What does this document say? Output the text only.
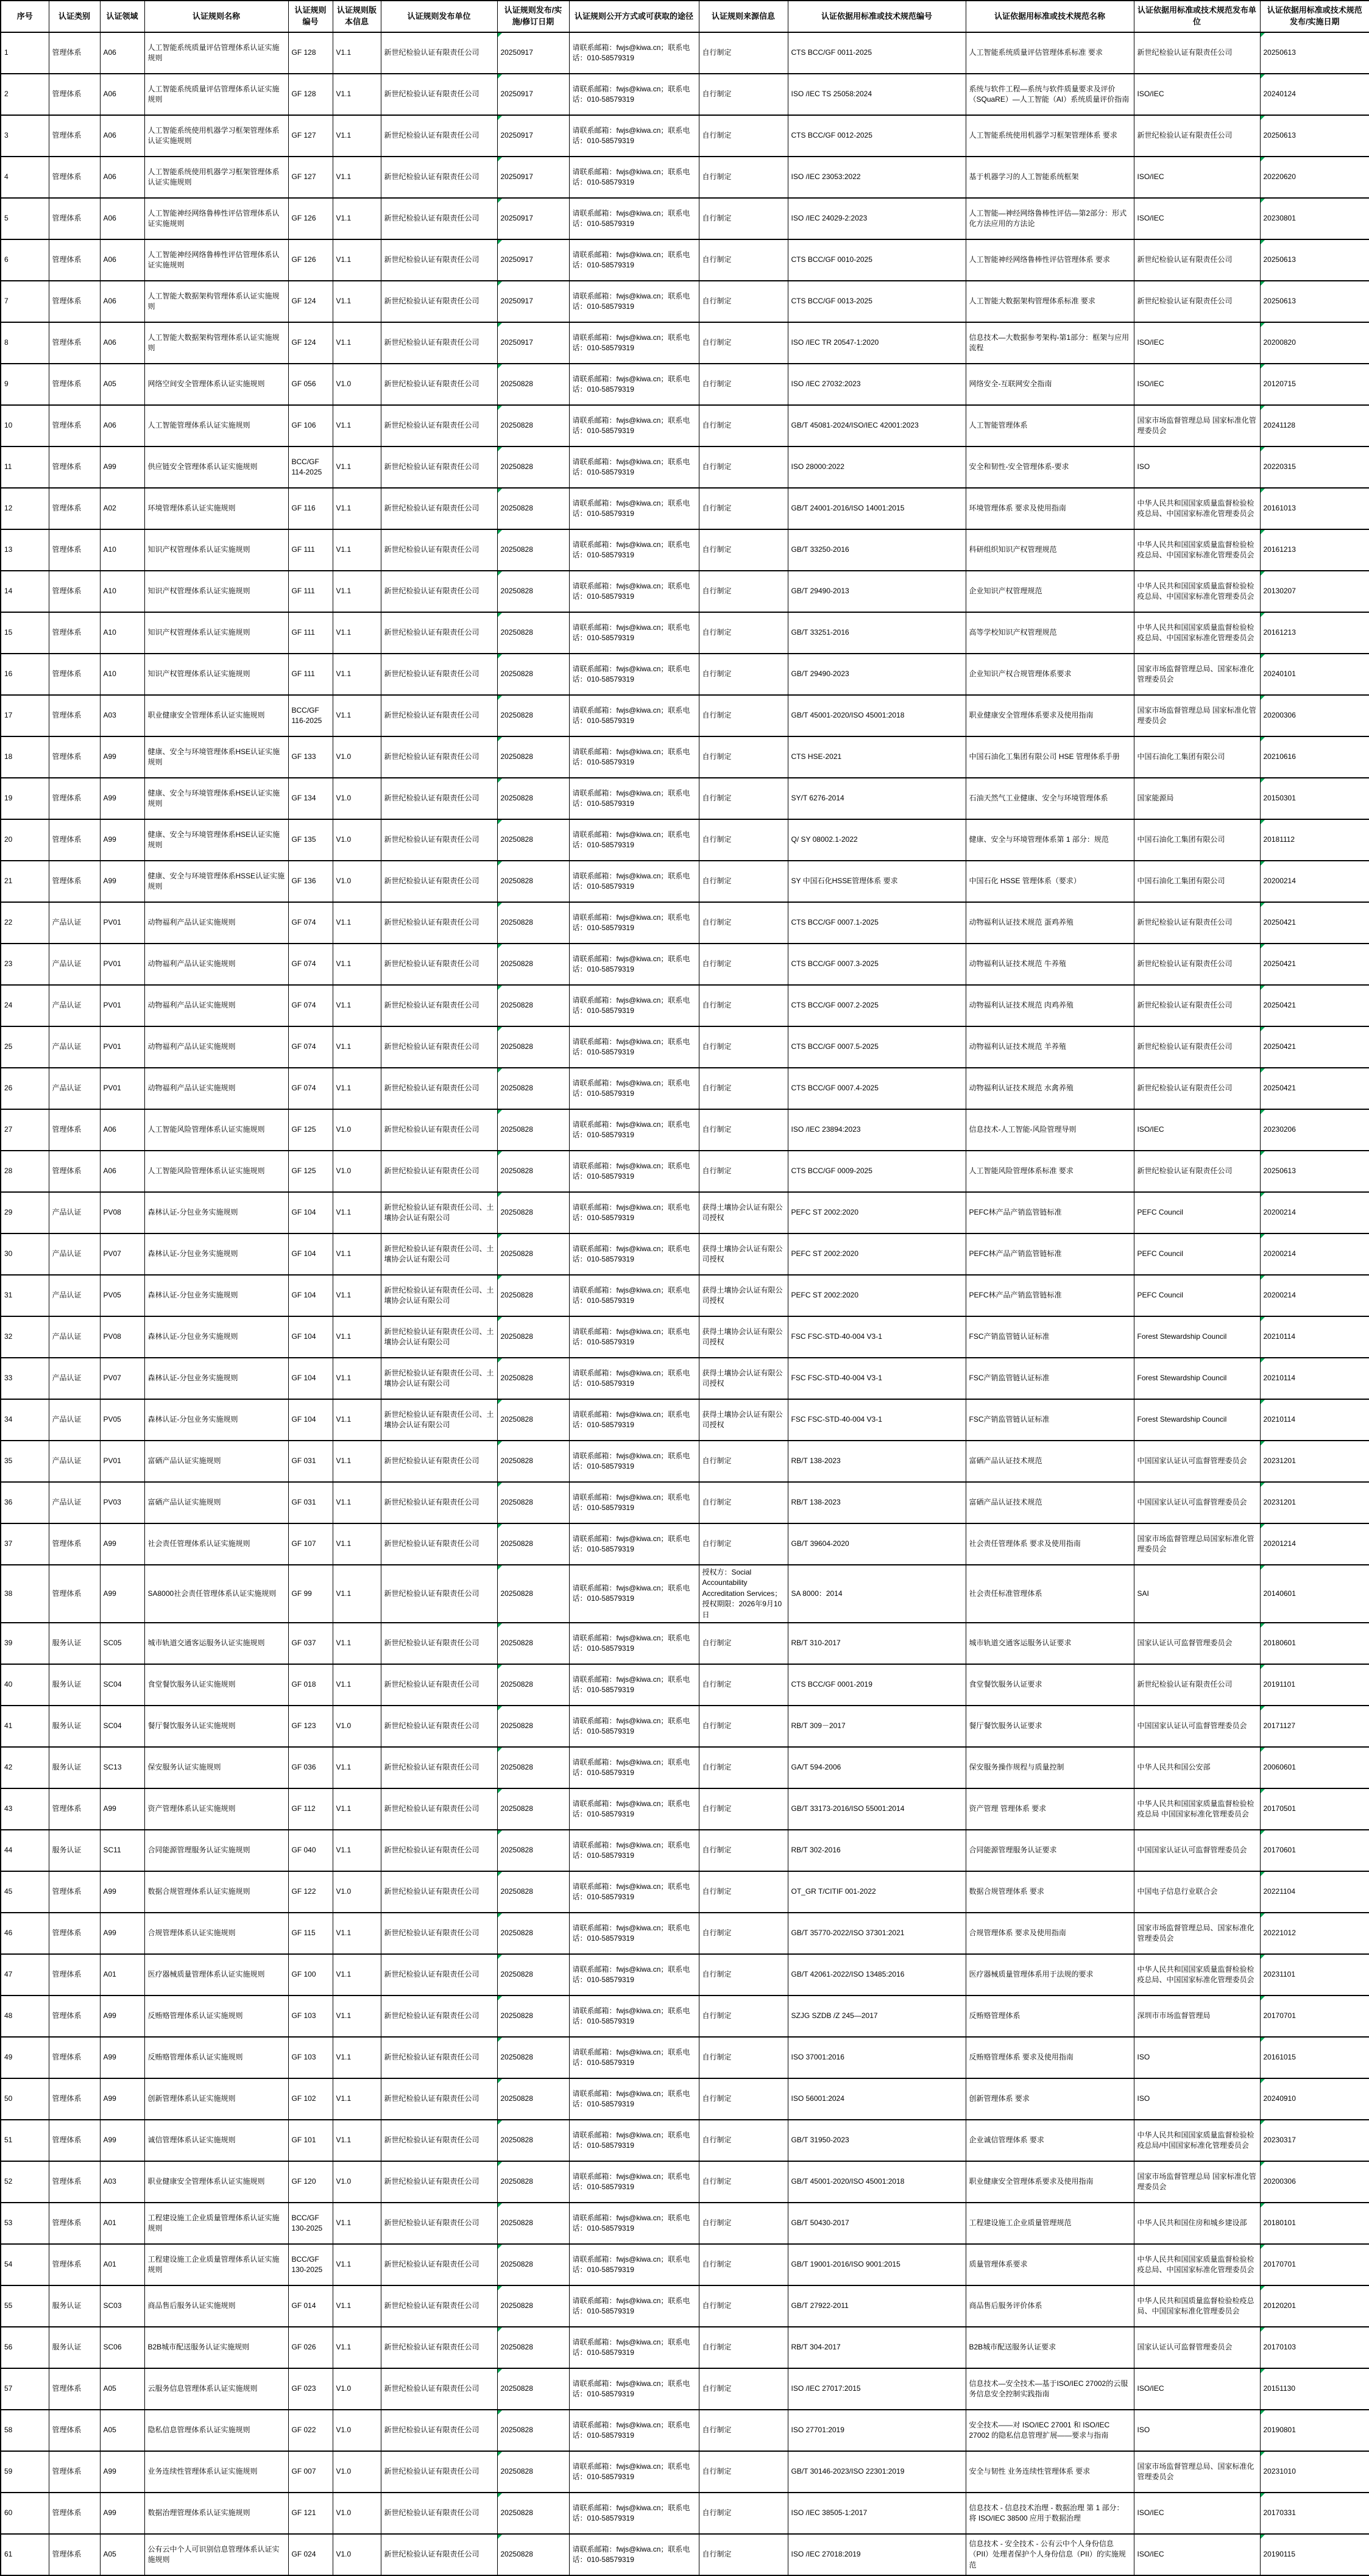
序号	认证类别	认证领域	认证规则名称	认证规则编号	认证规则版本信息	认证规则发布单位	认证规则发布/实施/修订日期	认证规则公开方式或可获取的途径	认证规则来源信息	认证依据用标准或技术规范编号	认证依据用标准或技术规范名称	认证依据用标准或技术规范发布单位	认证依据用标准或技术规范发布/实施日期
1	管理体系	A06	人工智能系统质量评估管理体系认证实施规则	GF 128	V1.1	新世纪检验认证有限责任公司	20250917	请联系邮箱：fwjs@kiwa.cn；联系电话：010-58579319	自行制定	CTS BCC/GF 0011-2025	人工智能系统质量评估管理体系标准 要求	新世纪检验认证有限责任公司	20250613
2	管理体系	A06	人工智能系统质量评估管理体系认证实施规则	GF 128	V1.1	新世纪检验认证有限责任公司	20250917	请联系邮箱：fwjs@kiwa.cn；联系电话：010-58579319	自行制定	ISO /IEC TS 25058:2024	系统与软件工程—系统与软件质量要求及评价（SQuaRE）—人工智能（AI）系统质量评价指南	ISO/IEC	20240124
3	管理体系	A06	人工智能系统使用机器学习框架管理体系认证实施规则	GF 127	V1.1	新世纪检验认证有限责任公司	20250917	请联系邮箱：fwjs@kiwa.cn；联系电话：010-58579319	自行制定	CTS BCC/GF 0012-2025	人工智能系统使用机器学习框架管理体系 要求	新世纪检验认证有限责任公司	20250613
4	管理体系	A06	人工智能系统使用机器学习框架管理体系认证实施规则	GF 127	V1.1	新世纪检验认证有限责任公司	20250917	请联系邮箱：fwjs@kiwa.cn；联系电话：010-58579319	自行制定	ISO /IEC 23053:2022	基于机器学习的人工智能系统框架	ISO/IEC	20220620
5	管理体系	A06	人工智能神经网络鲁棒性评估管理体系认证实施规则	GF 126	V1.1	新世纪检验认证有限责任公司	20250917	请联系邮箱：fwjs@kiwa.cn；联系电话：010-58579319	自行制定	ISO /IEC 24029-2:2023	人工智能—神经网络鲁棒性评估—第2部分：形式化方法应用的方法论	ISO/IEC	20230801
6	管理体系	A06	人工智能神经网络鲁棒性评估管理体系认证实施规则	GF 126	V1.1	新世纪检验认证有限责任公司	20250917	请联系邮箱：fwjs@kiwa.cn；联系电话：010-58579319	自行制定	CTS BCC/GF 0010-2025	人工智能神经网络鲁棒性评估管理体系 要求	新世纪检验认证有限责任公司	20250613
7	管理体系	A06	人工智能大数据架构管理体系认证实施规则	GF 124	V1.1	新世纪检验认证有限责任公司	20250917	请联系邮箱：fwjs@kiwa.cn；联系电话：010-58579319	自行制定	CTS BCC/GF 0013-2025	人工智能大数据架构管理体系标准 要求	新世纪检验认证有限责任公司	20250613
8	管理体系	A06	人工智能大数据架构管理体系认证实施规则	GF 124	V1.1	新世纪检验认证有限责任公司	20250917	请联系邮箱：fwjs@kiwa.cn；联系电话：010-58579319	自行制定	ISO /IEC TR 20547-1:2020	信息技术—大数据参考架构-第1部分：框架与应用流程	ISO/IEC	20200820
9	管理体系	A05	网络空间安全管理体系认证实施规则	GF 056	V1.0	新世纪检验认证有限责任公司	20250828	请联系邮箱：fwjs@kiwa.cn；联系电话：010-58579319	自行制定	ISO /IEC 27032:2023	网络安全-互联网安全指南	ISO/IEC	20120715
10	管理体系	A06	人工智能管理体系认证实施规则	GF 106	V1.1	新世纪检验认证有限责任公司	20250828	请联系邮箱：fwjs@kiwa.cn；联系电话：010-58579319	自行制定	GB/T 45081-2024/ISO/IEC 42001:2023	人工智能管理体系	国家市场监督管理总局 国家标准化管理委员会	20241128
11	管理体系	A99	供应链安全管理体系认证实施规则	BCC/GF 114-2025	V1.1	新世纪检验认证有限责任公司	20250828	请联系邮箱：fwjs@kiwa.cn；联系电话：010-58579319	自行制定	ISO 28000:2022	安全和韧性-安全管理体系-要求	ISO	20220315
12	管理体系	A02	环境管理体系认证实施规则	GF 116	V1.1	新世纪检验认证有限责任公司	20250828	请联系邮箱：fwjs@kiwa.cn；联系电话：010-58579319	自行制定	GB/T 24001-2016/ISO 14001:2015	环境管理体系 要求及使用指南	中华人民共和国国家质量监督检验检疫总局、中国国家标准化管理委员会	20161013
13	管理体系	A10	知识产权管理体系认证实施规则	GF 111	V1.1	新世纪检验认证有限责任公司	20250828	请联系邮箱：fwjs@kiwa.cn；联系电话：010-58579319	自行制定	GB/T 33250-2016	科研组织知识产权管理规范	中华人民共和国国家质量监督检验检疫总局、中国国家标准化管理委员会	20161213
14	管理体系	A10	知识产权管理体系认证实施规则	GF 111	V1.1	新世纪检验认证有限责任公司	20250828	请联系邮箱：fwjs@kiwa.cn；联系电话：010-58579319	自行制定	GB/T 29490-2013	企业知识产权管理规范	中华人民共和国国家质量监督检验检疫总局、中国国家标准化管理委员会	20130207
15	管理体系	A10	知识产权管理体系认证实施规则	GF 111	V1.1	新世纪检验认证有限责任公司	20250828	请联系邮箱：fwjs@kiwa.cn；联系电话：010-58579319	自行制定	GB/T 33251-2016	高等学校知识产权管理规范	中华人民共和国国家质量监督检验检疫总局、中国国家标准化管理委员会	20161213
16	管理体系	A10	知识产权管理体系认证实施规则	GF 111	V1.1	新世纪检验认证有限责任公司	20250828	请联系邮箱：fwjs@kiwa.cn；联系电话：010-58579319	自行制定	GB/T 29490-2023	企业知识产权合规管理体系要求	国家市场监督管理总局、国家标准化管理委员会	20240101
17	管理体系	A03	职业健康安全管理体系认证实施规则	BCC/GF 116-2025	V1.1	新世纪检验认证有限责任公司	20250828	请联系邮箱：fwjs@kiwa.cn；联系电话：010-58579319	自行制定	GB/T 45001-2020/ISO 45001:2018	职业健康安全管理体系要求及使用指南	国家市场监督管理总局 国家标准化管理委员会	20200306
18	管理体系	A99	健康、安全与环境管理体系HSE认证实施规则	GF 133	V1.0	新世纪检验认证有限责任公司	20250828	请联系邮箱：fwjs@kiwa.cn；联系电话：010-58579319	自行制定	CTS HSE-2021	中国石油化工集团有限公司 HSE 管理体系手册	中国石油化工集团有限公司	20210616
19	管理体系	A99	健康、安全与环境管理体系HSE认证实施规则	GF 134	V1.0	新世纪检验认证有限责任公司	20250828	请联系邮箱：fwjs@kiwa.cn；联系电话：010-58579319	自行制定	SY/T 6276-2014	石油天然气工业健康、安全与环境管理体系	国家能源局	20150301
20	管理体系	A99	健康、安全与环境管理体系HSE认证实施规则	GF 135	V1.0	新世纪检验认证有限责任公司	20250828	请联系邮箱：fwjs@kiwa.cn；联系电话：010-58579319	自行制定	Q/ SY 08002.1-2022	健康、安全与环境管理体系第 1 部分：规范	中国石油化工集团有限公司	20181112
21	管理体系	A99	健康、安全与环境管理体系HSSE认证实施规则	GF 136	V1.0	新世纪检验认证有限责任公司	20250828	请联系邮箱：fwjs@kiwa.cn；联系电话：010-58579319	自行制定	SY 中国石化HSSE管理体系 要求	中国石化 HSSE 管理体系（要求）	中国石油化工集团有限公司	20200214
22	产品认证	PV01	动物福利产品认证实施规则	GF 074	V1.1	新世纪检验认证有限责任公司	20250828	请联系邮箱：fwjs@kiwa.cn；联系电话：010-58579319	自行制定	CTS BCC/GF 0007.1-2025	动物福利认证技术规范 蛋鸡养殖	新世纪检验认证有限责任公司	20250421
23	产品认证	PV01	动物福利产品认证实施规则	GF 074	V1.1	新世纪检验认证有限责任公司	20250828	请联系邮箱：fwjs@kiwa.cn；联系电话：010-58579319	自行制定	CTS BCC/GF 0007.3-2025	动物福利认证技术规范 牛养殖	新世纪检验认证有限责任公司	20250421
24	产品认证	PV01	动物福利产品认证实施规则	GF 074	V1.1	新世纪检验认证有限责任公司	20250828	请联系邮箱：fwjs@kiwa.cn；联系电话：010-58579319	自行制定	CTS BCC/GF 0007.2-2025	动物福利认证技术规范 肉鸡养殖	新世纪检验认证有限责任公司	20250421
25	产品认证	PV01	动物福利产品认证实施规则	GF 074	V1.1	新世纪检验认证有限责任公司	20250828	请联系邮箱：fwjs@kiwa.cn；联系电话：010-58579319	自行制定	CTS BCC/GF 0007.5-2025	动物福利认证技术规范 羊养殖	新世纪检验认证有限责任公司	20250421
26	产品认证	PV01	动物福利产品认证实施规则	GF 074	V1.1	新世纪检验认证有限责任公司	20250828	请联系邮箱：fwjs@kiwa.cn；联系电话：010-58579319	自行制定	CTS BCC/GF 0007.4-2025	动物福利认证技术规范 水禽养殖	新世纪检验认证有限责任公司	20250421
27	管理体系	A06	人工智能风险管理体系认证实施规则	GF 125	V1.0	新世纪检验认证有限责任公司	20250828	请联系邮箱：fwjs@kiwa.cn；联系电话：010-58579319	自行制定	ISO /IEC 23894:2023	信息技术-人工智能-风险管理导则	ISO/IEC	20230206
28	管理体系	A06	人工智能风险管理体系认证实施规则	GF 125	V1.0	新世纪检验认证有限责任公司	20250828	请联系邮箱：fwjs@kiwa.cn；联系电话：010-58579319	自行制定	CTS BCC/GF 0009-2025	人工智能风险管理体系标准 要求	新世纪检验认证有限责任公司	20250613
29	产品认证	PV08	森林认证-分包业务实施规则	GF 104	V1.1	新世纪检验认证有限责任公司、土壤协会认证有限公司	20250828	请联系邮箱：fwjs@kiwa.cn；联系电话：010-58579319	获得土壤协会认证有限公司授权	PEFC ST 2002:2020	PEFC林产品产销监管链标准	PEFC Council	20200214
30	产品认证	PV07	森林认证-分包业务实施规则	GF 104	V1.1	新世纪检验认证有限责任公司、土壤协会认证有限公司	20250828	请联系邮箱：fwjs@kiwa.cn；联系电话：010-58579319	获得土壤协会认证有限公司授权	PEFC ST 2002:2020	PEFC林产品产销监管链标准	PEFC Council	20200214
31	产品认证	PV05	森林认证-分包业务实施规则	GF 104	V1.1	新世纪检验认证有限责任公司、土壤协会认证有限公司	20250828	请联系邮箱：fwjs@kiwa.cn；联系电话：010-58579319	获得土壤协会认证有限公司授权	PEFC ST 2002:2020	PEFC林产品产销监管链标准	PEFC Council	20200214
32	产品认证	PV08	森林认证-分包业务实施规则	GF 104	V1.1	新世纪检验认证有限责任公司、土壤协会认证有限公司	20250828	请联系邮箱：fwjs@kiwa.cn；联系电话：010-58579319	获得土壤协会认证有限公司授权	FSC FSC-STD-40-004 V3-1	FSC产销监管链认证标准	Forest Stewardship Council	20210114
33	产品认证	PV07	森林认证-分包业务实施规则	GF 104	V1.1	新世纪检验认证有限责任公司、土壤协会认证有限公司	20250828	请联系邮箱：fwjs@kiwa.cn；联系电话：010-58579319	获得土壤协会认证有限公司授权	FSC FSC-STD-40-004 V3-1	FSC产销监管链认证标准	Forest Stewardship Council	20210114
34	产品认证	PV05	森林认证-分包业务实施规则	GF 104	V1.1	新世纪检验认证有限责任公司、土壤协会认证有限公司	20250828	请联系邮箱：fwjs@kiwa.cn；联系电话：010-58579319	获得土壤协会认证有限公司授权	FSC FSC-STD-40-004 V3-1	FSC产销监管链认证标准	Forest Stewardship Council	20210114
35	产品认证	PV01	富硒产品认证实施规则	GF 031	V1.1	新世纪检验认证有限责任公司	20250828	请联系邮箱：fwjs@kiwa.cn；联系电话：010-58579319	自行制定	RB/T 138-2023	富硒产品认证技术规范	中国国家认证认可监督管理委员会	20231201
36	产品认证	PV03	富硒产品认证实施规则	GF 031	V1.1	新世纪检验认证有限责任公司	20250828	请联系邮箱：fwjs@kiwa.cn；联系电话：010-58579319	自行制定	RB/T 138-2023	富硒产品认证技术规范	中国国家认证认可监督管理委员会	20231201
37	管理体系	A99	社会责任管理体系认证实施规则	GF 107	V1.1	新世纪检验认证有限责任公司	20250828	请联系邮箱：fwjs@kiwa.cn；联系电话：010-58579319	自行制定	GB/T 39604-2020	社会责任管理体系 要求及使用指南	国家市场监督管理总局国家标准化管理委员会	20201214
38	管理体系	A99	SA8000社会责任管理体系认证实施规则	GF 99	V1.1	新世纪检验认证有限责任公司	20250828	请联系邮箱：fwjs@kiwa.cn；联系电话：010-58579319	授权方：Social Accountability Accreditation Services；授权期限：2026年9月10日	SA 8000：2014	社会责任标准管理体系	SAI	20140601
39	服务认证	SC05	城市轨道交通客运服务认证实施规则	GF 037	V1.1	新世纪检验认证有限责任公司	20250828	请联系邮箱：fwjs@kiwa.cn；联系电话：010-58579319	自行制定	RB/T 310-2017	城市轨道交通客运服务认证要求	国家认证认可监督管理委员会	20180601
40	服务认证	SC04	食堂餐饮服务认证实施规则	GF 018	V1.1	新世纪检验认证有限责任公司	20250828	请联系邮箱：fwjs@kiwa.cn；联系电话：010-58579319	自行制定	CTS BCC/GF 0001-2019	食堂餐饮服务认证要求	新世纪检验认证有限责任公司	20191101
41	服务认证	SC04	餐厅餐饮服务认证实施规则	GF 123	V1.0	新世纪检验认证有限责任公司	20250828	请联系邮箱：fwjs@kiwa.cn；联系电话：010-58579319	自行制定	RB/T 309－2017	餐厅餐饮服务认证要求	中国国家认证认可监督管理委员会	20171127
42	服务认证	SC13	保安服务认证实施规则	GF 036	V1.1	新世纪检验认证有限责任公司	20250828	请联系邮箱：fwjs@kiwa.cn；联系电话：010-58579319	自行制定	GA/T 594-2006	保安服务操作规程与质量控制	中华人民共和国公安部	20060601
43	管理体系	A99	资产管理体系认证实施规则	GF 112	V1.1	新世纪检验认证有限责任公司	20250828	请联系邮箱：fwjs@kiwa.cn；联系电话：010-58579319	自行制定	GB/T 33173-2016/ISO 55001:2014	资产管理 管理体系 要求	中华人民共和国国家质量监督检验检疫总局 中国国家标准化管理委员会	20170501
44	服务认证	SC11	合同能源管理服务认证实施规则	GF 040	V1.1	新世纪检验认证有限责任公司	20250828	请联系邮箱：fwjs@kiwa.cn；联系电话：010-58579319	自行制定	RB/T 302-2016	合同能源管理服务认证要求	中国国家认证认可监督管理委员会	20170601
45	管理体系	A99	数据合规管理体系认证实施规则	GF 122	V1.0	新世纪检验认证有限责任公司	20250828	请联系邮箱：fwjs@kiwa.cn；联系电话：010-58579319	自行制定	OT_GR T/CITIF 001-2022	数据合规管理体系 要求	中国电子信息行业联合会	20221104
46	管理体系	A99	合规管理体系认证实施规则	GF 115	V1.1	新世纪检验认证有限责任公司	20250828	请联系邮箱：fwjs@kiwa.cn；联系电话：010-58579319	自行制定	GB/T 35770-2022/ISO 37301:2021	合规管理体系 要求及使用指南	国家市场监督管理总局、国家标准化管理委员会	20221012
47	管理体系	A01	医疗器械质量管理体系认证实施规则	GF 100	V1.1	新世纪检验认证有限责任公司	20250828	请联系邮箱：fwjs@kiwa.cn；联系电话：010-58579319	自行制定	GB/T 42061-2022/ISO 13485:2016	医疗器械质量管理体系用于法规的要求	中华人民共和国国家质量监督检验检疫总局、中国国家标准化管理委员会	20231101
48	管理体系	A99	反贿赂管理体系认证实施规则	GF 103	V1.1	新世纪检验认证有限责任公司	20250828	请联系邮箱：fwjs@kiwa.cn；联系电话：010-58579319	自行制定	SZJG SZDB /Z 245—2017	反贿赂管理体系	深圳市市场监督管理局	20170701
49	管理体系	A99	反贿赂管理体系认证实施规则	GF 103	V1.1	新世纪检验认证有限责任公司	20250828	请联系邮箱：fwjs@kiwa.cn；联系电话：010-58579319	自行制定	ISO 37001:2016	反贿赂管理体系 要求及使用指南	ISO	20161015
50	管理体系	A99	创新管理体系认证实施规则	GF 102	V1.1	新世纪检验认证有限责任公司	20250828	请联系邮箱：fwjs@kiwa.cn；联系电话：010-58579319	自行制定	ISO 56001:2024	创新管理体系 要求	ISO	20240910
51	管理体系	A99	诚信管理体系认证实施规则	GF 101	V1.1	新世纪检验认证有限责任公司	20250828	请联系邮箱：fwjs@kiwa.cn；联系电话：010-58579319	自行制定	GB/T 31950-2023	企业诚信管理体系 要求	中华人民共和国国家质量监督检验检疫总局/中国国家标准化管理委员会	20230317
52	管理体系	A03	职业健康安全管理体系认证实施规则	GF 120	V1.0	新世纪检验认证有限责任公司	20250828	请联系邮箱：fwjs@kiwa.cn；联系电话：010-58579319	自行制定	GB/T 45001-2020/ISO 45001:2018	职业健康安全管理体系要求及使用指南	国家市场监督管理总局 国家标准化管理委员会	20200306
53	管理体系	A01	工程建设施工企业质量管理体系认证实施规则	BCC/GF 130-2025	V1.1	新世纪检验认证有限责任公司	20250828	请联系邮箱：fwjs@kiwa.cn；联系电话：010-58579319	自行制定	GB/T 50430-2017	工程建设施工企业质量管理规范	中华人民共和国住房和城乡建设部	20180101
54	管理体系	A01	工程建设施工企业质量管理体系认证实施规则	BCC/GF 130-2025	V1.1	新世纪检验认证有限责任公司	20250828	请联系邮箱：fwjs@kiwa.cn；联系电话：010-58579319	自行制定	GB/T 19001-2016/ISO 9001:2015	质量管理体系要求	中华人民共和国国家质量监督检验检疫总局、中国国家标准化管理委员会	20170701
55	服务认证	SC03	商品售后服务认证实施规则	GF 014	V1.1	新世纪检验认证有限责任公司	20250828	请联系邮箱：fwjs@kiwa.cn；联系电话：010-58579319	自行制定	GB/T 27922-2011	商品售后服务评价体系	中华人民共和国质量监督检验检疫总局、中国国家标准化管理委员会	20120201
56	服务认证	SC06	B2B城市配送服务认证实施规则	GF 026	V1.1	新世纪检验认证有限责任公司	20250828	请联系邮箱：fwjs@kiwa.cn；联系电话：010-58579319	自行制定	RB/T 304-2017	B2B城市配送服务认证要求	国家认证认可监督管理委员会	20170103
57	管理体系	A05	云服务信息管理体系认证实施规则	GF 023	V1.0	新世纪检验认证有限责任公司	20250828	请联系邮箱：fwjs@kiwa.cn；联系电话：010-58579319	自行制定	ISO /IEC 27017:2015	信息技术—安全技术—基于ISO/IEC 27002的云服务信息安全控制实践指南	ISO/IEC	20151130
58	管理体系	A05	隐私信息管理体系认证实施规则	GF 022	V1.0	新世纪检验认证有限责任公司	20250828	请联系邮箱：fwjs@kiwa.cn；联系电话：010-58579319	自行制定	ISO 27701:2019	安全技术——对 ISO/IEC 27001 和 ISO/IEC 27002 的隐私信息管理扩展——要求与指南	ISO	20190801
59	管理体系	A99	业务连续性管理体系认证实施规则	GF 007	V1.0	新世纪检验认证有限责任公司	20250828	请联系邮箱：fwjs@kiwa.cn；联系电话：010-58579319	自行制定	GB/T 30146-2023/ISO 22301:2019	安全与韧性 业务连续性管理体系 要求	国家市场监督管理总局、国家标准化管理委员会	20231010
60	管理体系	A99	数据治理管理体系认证实施规则	GF 121	V1.0	新世纪检验认证有限责任公司	20250828	请联系邮箱：fwjs@kiwa.cn；联系电话：010-58579319	自行制定	ISO /IEC 38505-1:2017	信息技术 - 信息技术治理 - 数据治理 第 1 部分：将 ISO/IEC 38500 应用于数据治理	ISO/IEC	20170331
61	管理体系	A05	公有云中个人可识别信息管理体系认证实施规则	GF 024	V1.0	新世纪检验认证有限责任公司	20250828	请联系邮箱：fwjs@kiwa.cn；联系电话：010-58579319	自行制定	ISO /IEC 27018:2019	信息技术 - 安全技术 - 公有云中个人身份信息（PII）处理者保护个人身份信息（PII）的实施规范	ISO/IEC	20190115
